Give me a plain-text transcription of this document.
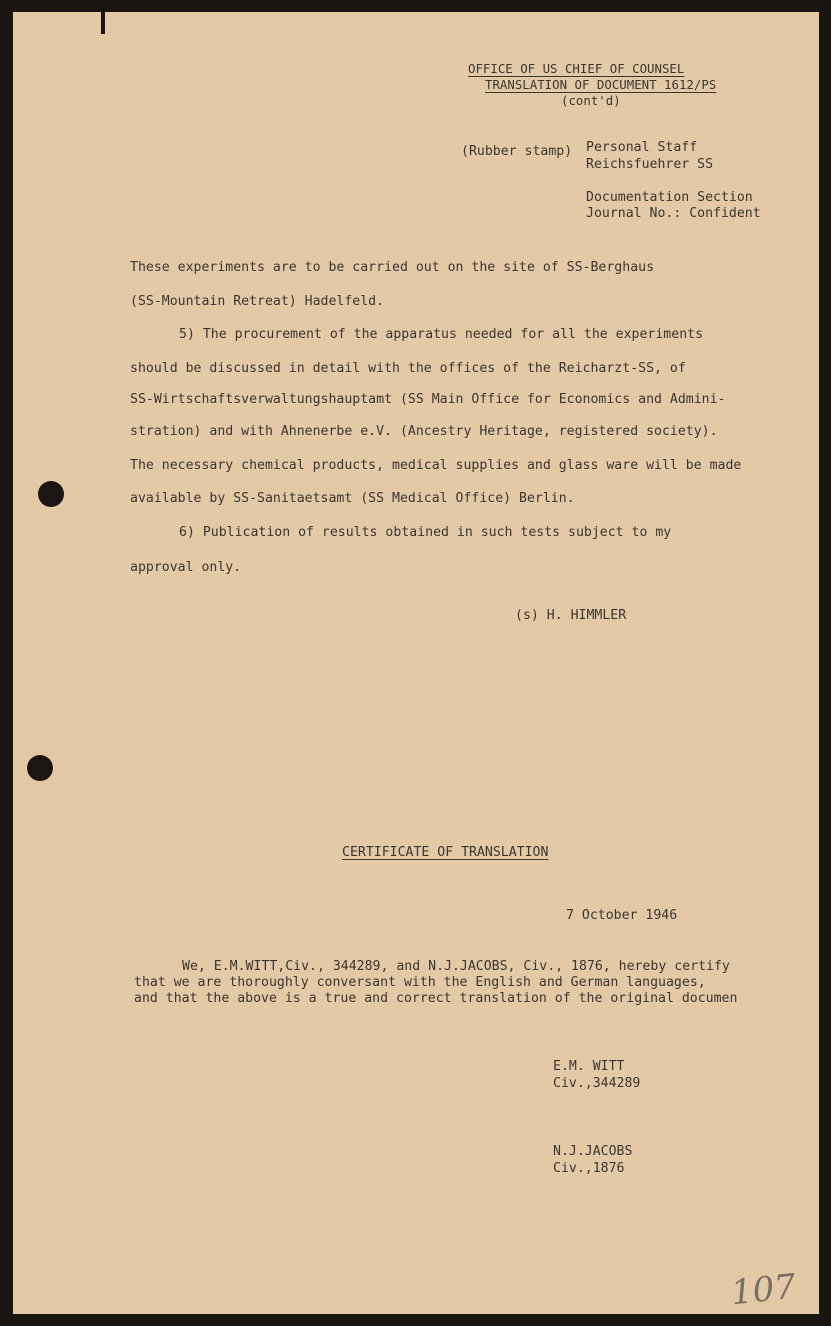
OFFICE OF US CHIEF OF COUNSEL
TRANSLATION OF DOCUMENT 1612/PS
(cont'd)
(Rubber stamp) Personal Staff
Reichsfuehrer SS
Documentation Section
Journal No.: Confident
These experiments are to be carried out on the site of SS-Berghaus
(SS-Mountain Retreat) Hadelfeld.
5) The procurement of the apparatus needed for all the experiments
should be discussed in detail with the offices of the Reicharzt-SS, of
SS-Wirtschaftsverwaltungshauptamt (SS Main Office for Economics and Admini-
stration) and with Ahnenerbe e.V. (Ancestry Heritage, registered society).
The necessary chemical products, medical supplies and glass ware will be made
available by SS-Sanitaetsamt (SS Medical Office) Berlin.
6) Publication of results obtained in such tests subject to my
approval only.
(s) H. HIMMLER
CERTIFICATE OF TRANSLATION
7 October 1946
We, E.M.WITT,Civ., 344289, and N.J.JACOBS, Civ., 1876, hereby certify
that we are thoroughly conversant with the English and German languages,
and that the above is a true and correct translation of the original documen
E.M. WITT
Civ.,344289
N.J.JACOBS
Civ.,1876
107
